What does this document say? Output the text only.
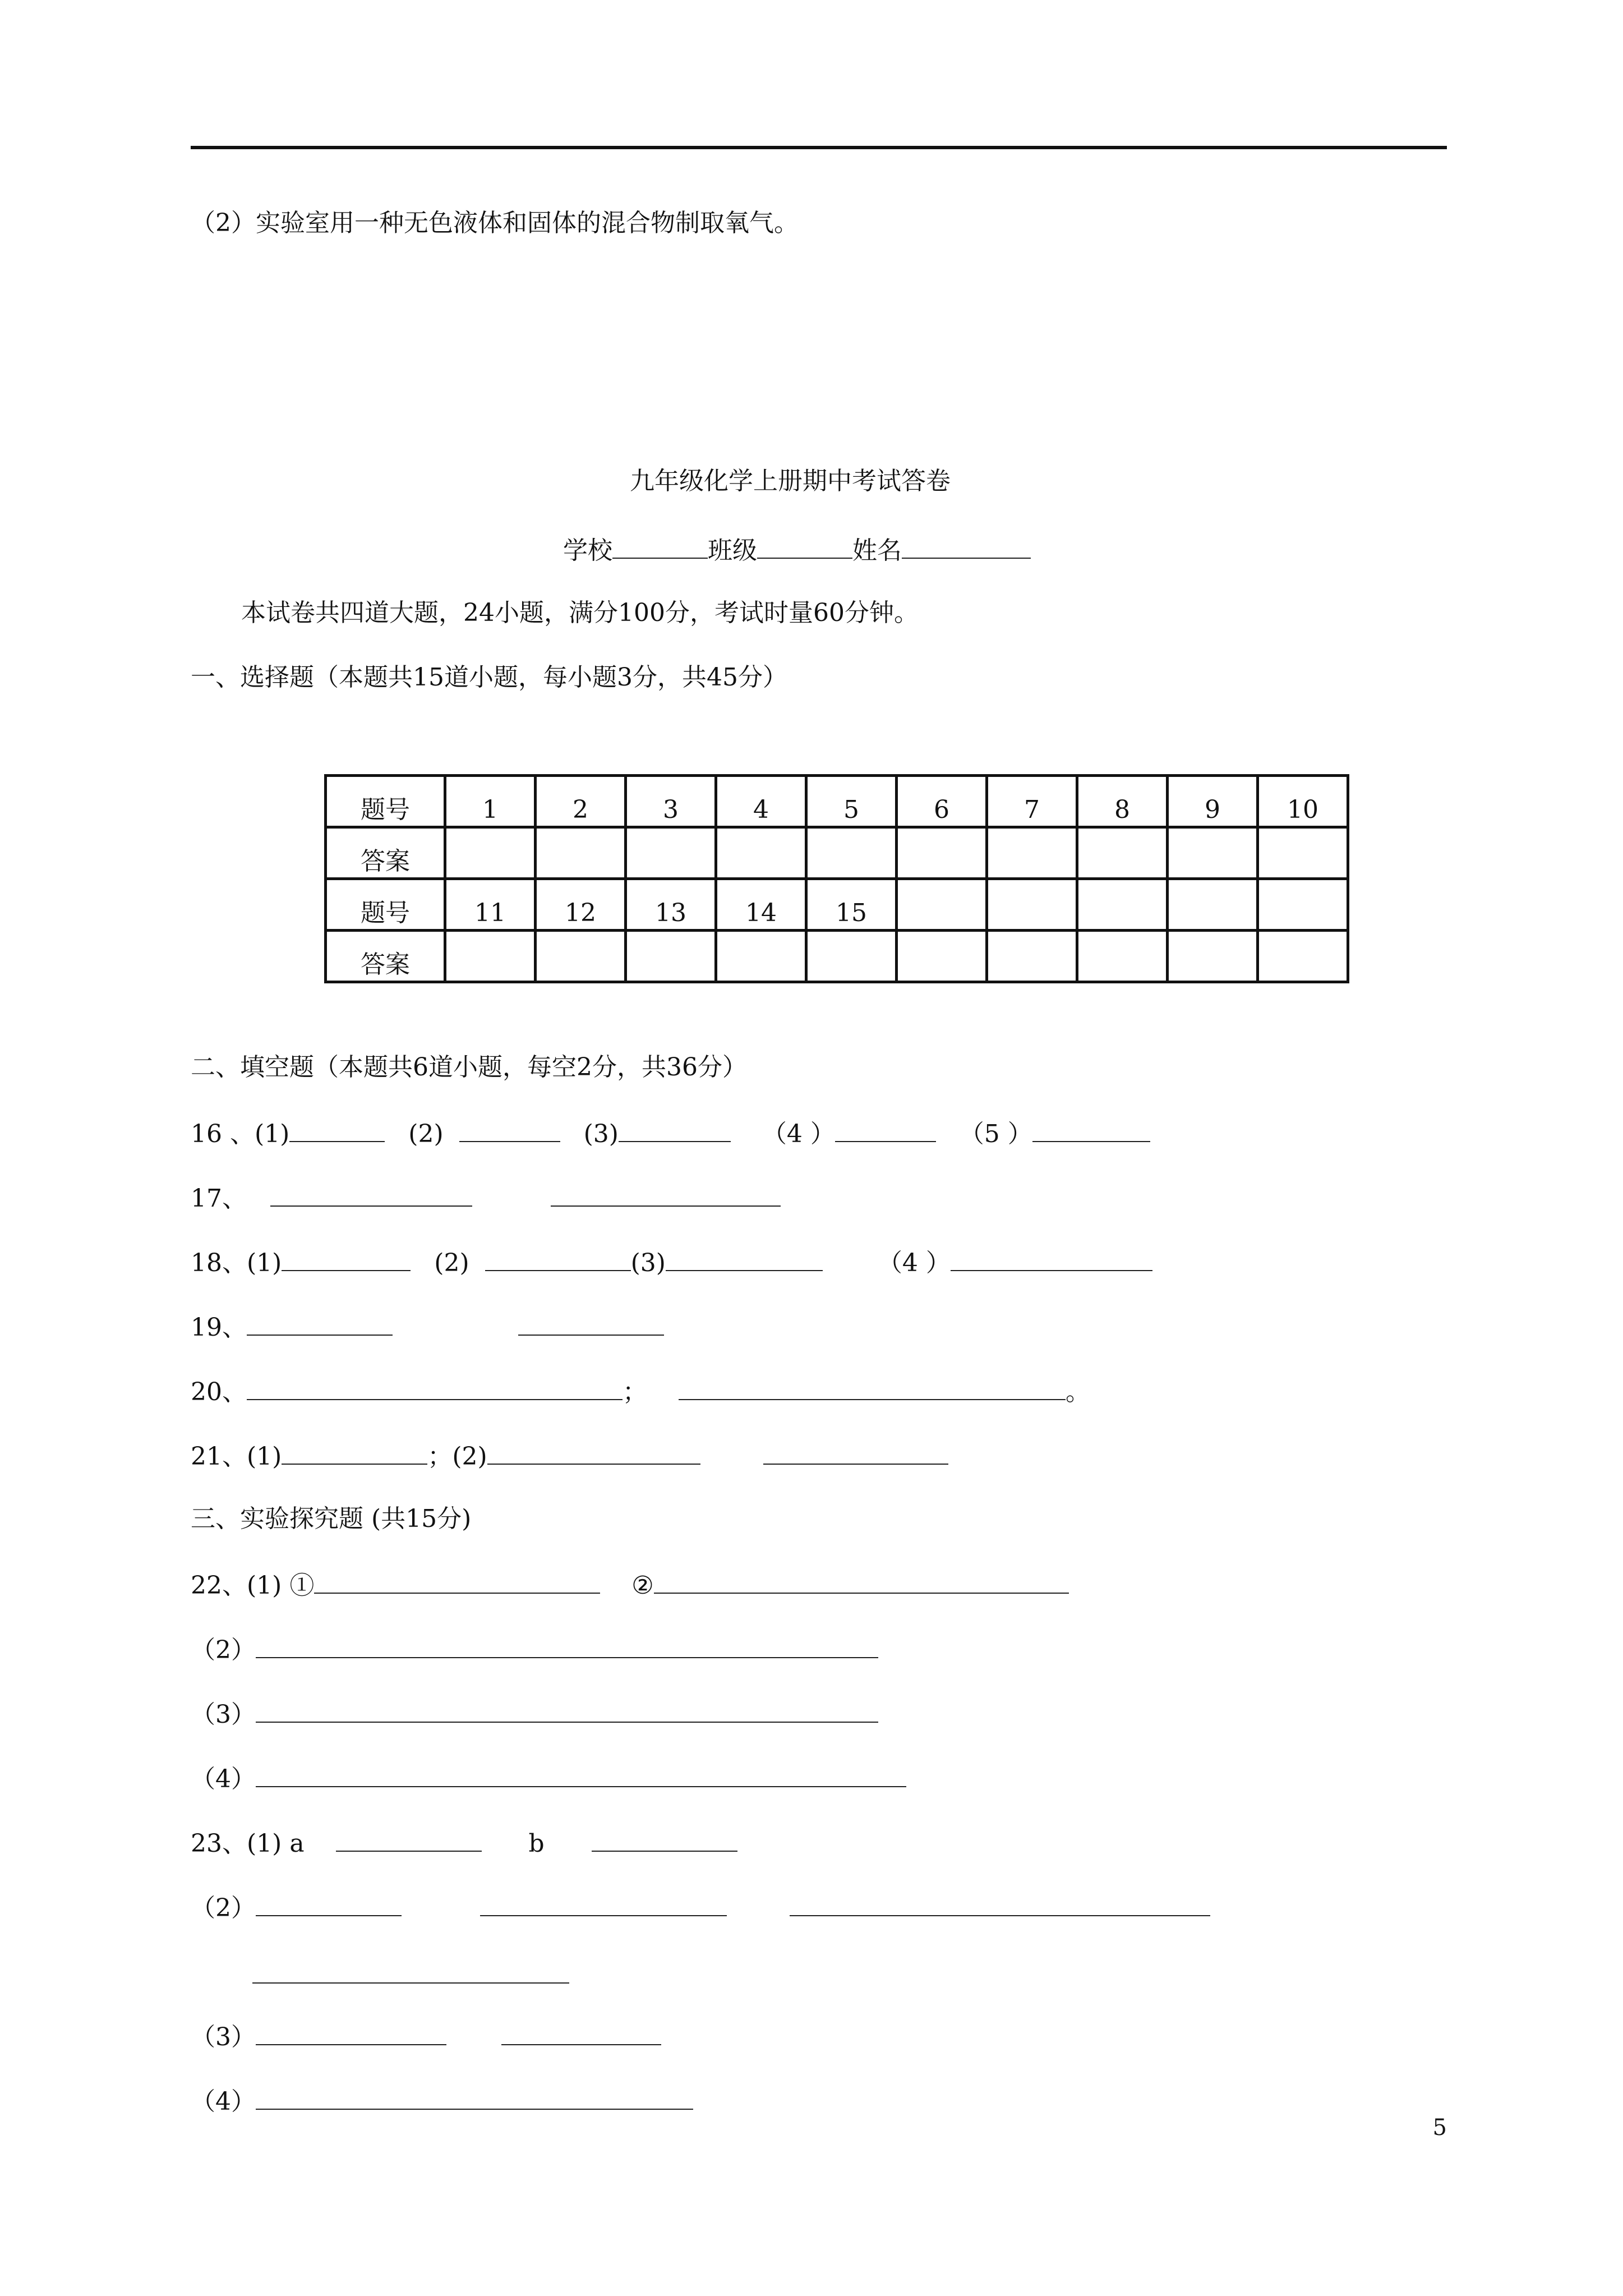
（2）实验室用一种无色液体和固体的混合物制取氧气。
九年级化学上册期中考试答卷
学校	班级	姓名
本试卷共四道大题，24小题，满分100分，考试时量60分钟。
一、选择题（本题共15道小题，每小题3分，共45分）
题号	1	2	3	4	5	6	7	8	9	10
答案										
题号	11	12	13	14	15					
答案										
二、填空题（本题共6道小题，每空2分，共36分）
16 、(1)	(2)	(3)	（4 ）	（5 ）
17、
18、(1)	(2)	(3)	（4 ）
19、
20、	；	。
21、(1)	；(2)
三、实验探究题 (共15分)
22、(1) ①	②
（2）
（3）
（4）
23、(1) a	b
（2）
（3）
（4）
5
